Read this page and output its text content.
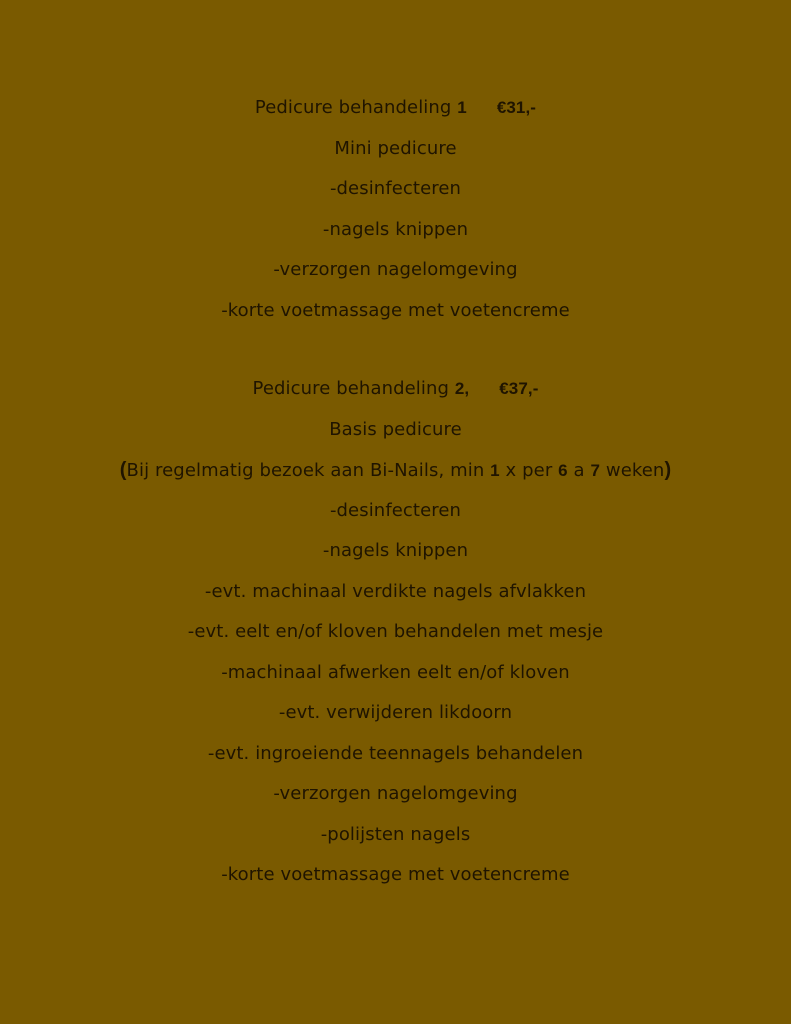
Pedicure behandeling 1 €31,-
Mini pedicure
-desinfecteren
-nagels knippen
-verzorgen nagelomgeving
-korte voetmassage met voetencreme
Pedicure behandeling 2, €37,-
Basis pedicure
(Bij regelmatig bezoek aan Bi-Nails, min 1 x per 6 a 7 weken)
-desinfecteren
-nagels knippen
-evt. machinaal verdikte nagels afvlakken
-evt. eelt en/of kloven behandelen met mesje
-machinaal afwerken eelt en/of kloven
-evt. verwijderen likdoorn
-evt. ingroeiende teennagels behandelen
-verzorgen nagelomgeving
-polijsten nagels
-korte voetmassage met voetencreme
